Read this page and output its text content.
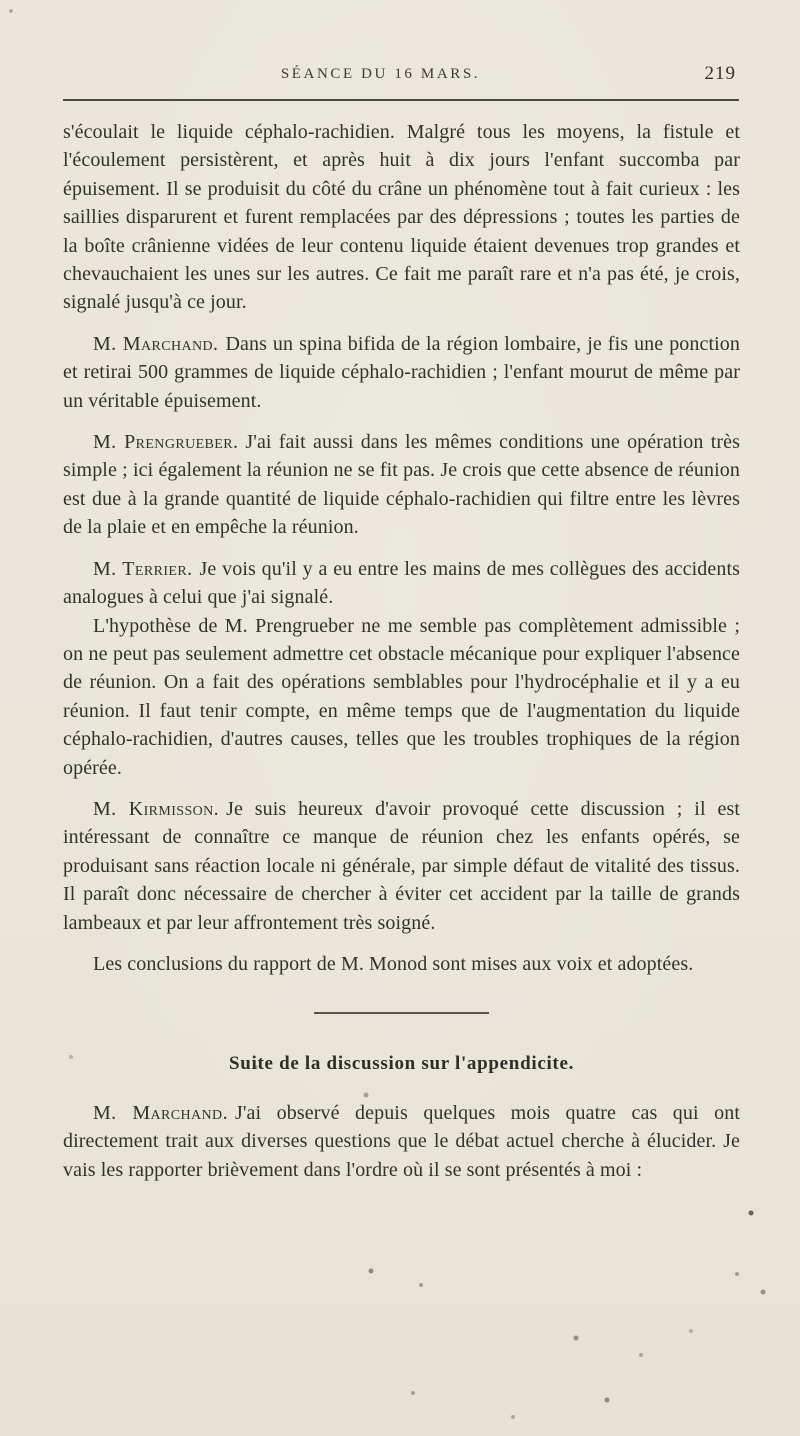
SÉANCE DU 16 MARS.	219

s'écoulait le liquide céphalo-rachidien. Malgré tous les moyens, la fistule et l'écoulement persistèrent, et après huit à dix jours l'enfant succomba par épuisement. Il se produisit du côté du crâne un phénomène tout à fait curieux : les saillies disparurent et furent remplacées par des dépressions ; toutes les parties de la boîte crânienne vidées de leur contenu liquide étaient devenues trop grandes et chevauchaient les unes sur les autres. Ce fait me paraît rare et n'a pas été, je crois, signalé jusqu'à ce jour.

M. Marchand. Dans un spina bifida de la région lombaire, je fis une ponction et retirai 500 grammes de liquide céphalo-rachidien ; l'enfant mourut de même par un véritable épuisement.

M. Prengrueber. J'ai fait aussi dans les mêmes conditions une opération très simple ; ici également la réunion ne se fit pas. Je crois que cette absence de réunion est due à la grande quantité de liquide céphalo-rachidien qui filtre entre les lèvres de la plaie et en empêche la réunion.

M. Terrier. Je vois qu'il y a eu entre les mains de mes collègues des accidents analogues à celui que j'ai signalé.

L'hypothèse de M. Prengrueber ne me semble pas complètement admissible ; on ne peut pas seulement admettre cet obstacle mécanique pour expliquer l'absence de réunion. On a fait des opérations semblables pour l'hydrocéphalie et il y a eu réunion. Il faut tenir compte, en même temps que de l'augmentation du liquide céphalo-rachidien, d'autres causes, telles que les troubles trophiques de la région opérée.

M. Kirmisson. Je suis heureux d'avoir provoqué cette discussion ; il est intéressant de connaître ce manque de réunion chez les enfants opérés, se produisant sans réaction locale ni générale, par simple défaut de vitalité des tissus. Il paraît donc nécessaire de chercher à éviter cet accident par la taille de grands lambeaux et par leur affrontement très soigné.

Les conclusions du rapport de M. Monod sont mises aux voix et adoptées.

Suite de la discussion sur l'appendicite.

M. Marchand. J'ai observé depuis quelques mois quatre cas qui ont directement trait aux diverses questions que le débat actuel cherche à élucider. Je vais les rapporter brièvement dans l'ordre où il se sont présentés à moi :
